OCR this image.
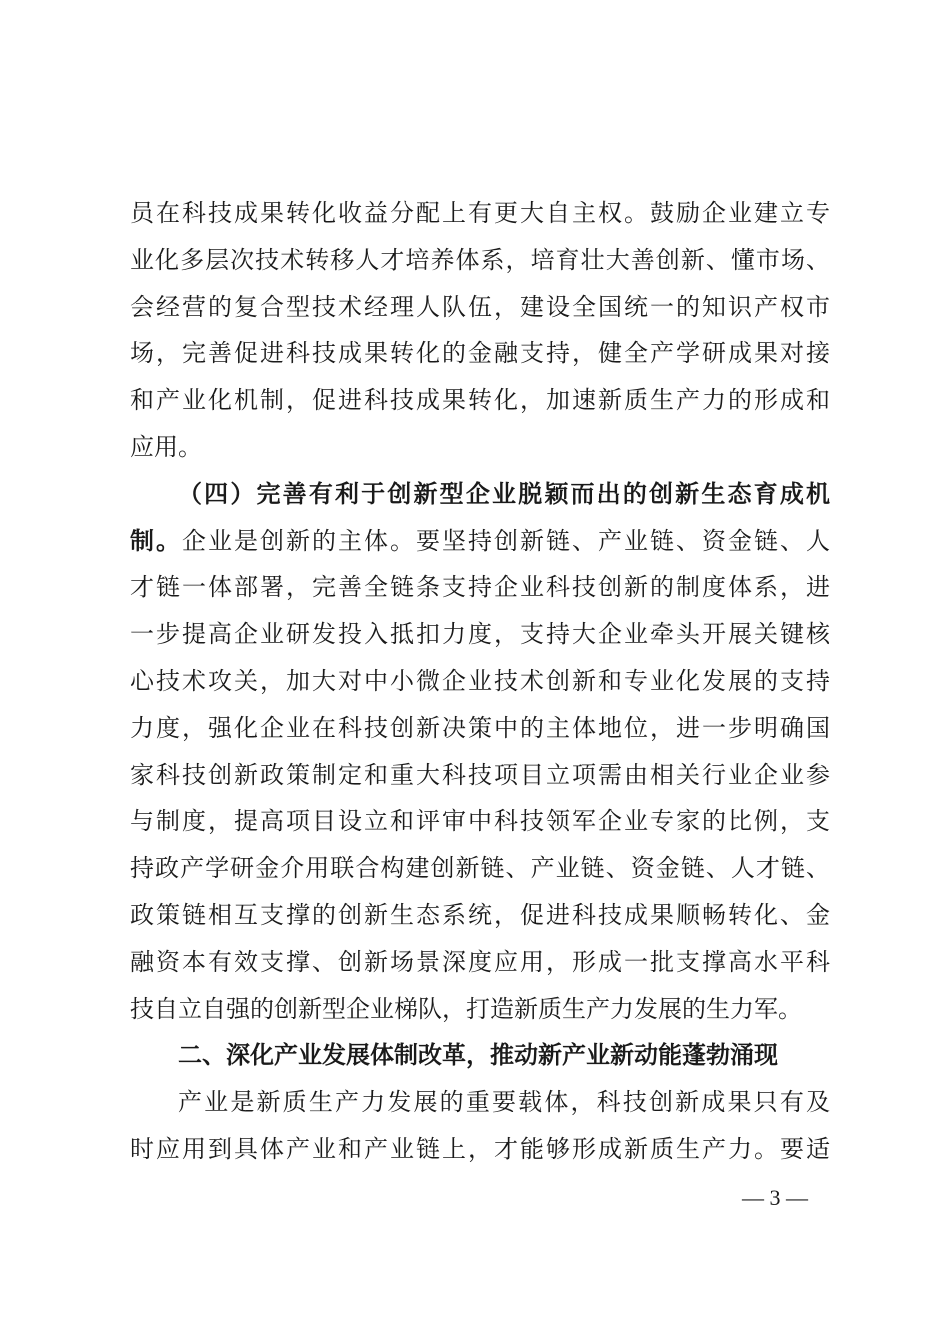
员在科技成果转化收益分配上有更大自主权。鼓励企业建立专
业化多层次技术转移人才培养体系，培育壮大善创新、懂市场、
会经营的复合型技术经理人队伍，建设全国统一的知识产权市
场，完善促进科技成果转化的金融支持，健全产学研成果对接
和产业化机制，促进科技成果转化，加速新质生产力的形成和
应用。
（四）完善有利于创新型企业脱颖而出的创新生态育成机
制。企业是创新的主体。要坚持创新链、产业链、资金链、人
才链一体部署，完善全链条支持企业科技创新的制度体系，进
一步提高企业研发投入抵扣力度，支持大企业牵头开展关键核
心技术攻关，加大对中小微企业技术创新和专业化发展的支持
力度，强化企业在科技创新决策中的主体地位，进一步明确国
家科技创新政策制定和重大科技项目立项需由相关行业企业参
与制度，提高项目设立和评审中科技领军企业专家的比例，支
持政产学研金介用联合构建创新链、产业链、资金链、人才链、
政策链相互支撑的创新生态系统，促进科技成果顺畅转化、金
融资本有效支撑、创新场景深度应用，形成一批支撑高水平科
技自立自强的创新型企业梯队，打造新质生产力发展的生力军。
二、深化产业发展体制改革，推动新产业新动能蓬勃涌现
产业是新质生产力发展的重要载体，科技创新成果只有及
时应用到具体产业和产业链上，才能够形成新质生产力。要适
— 3 —
